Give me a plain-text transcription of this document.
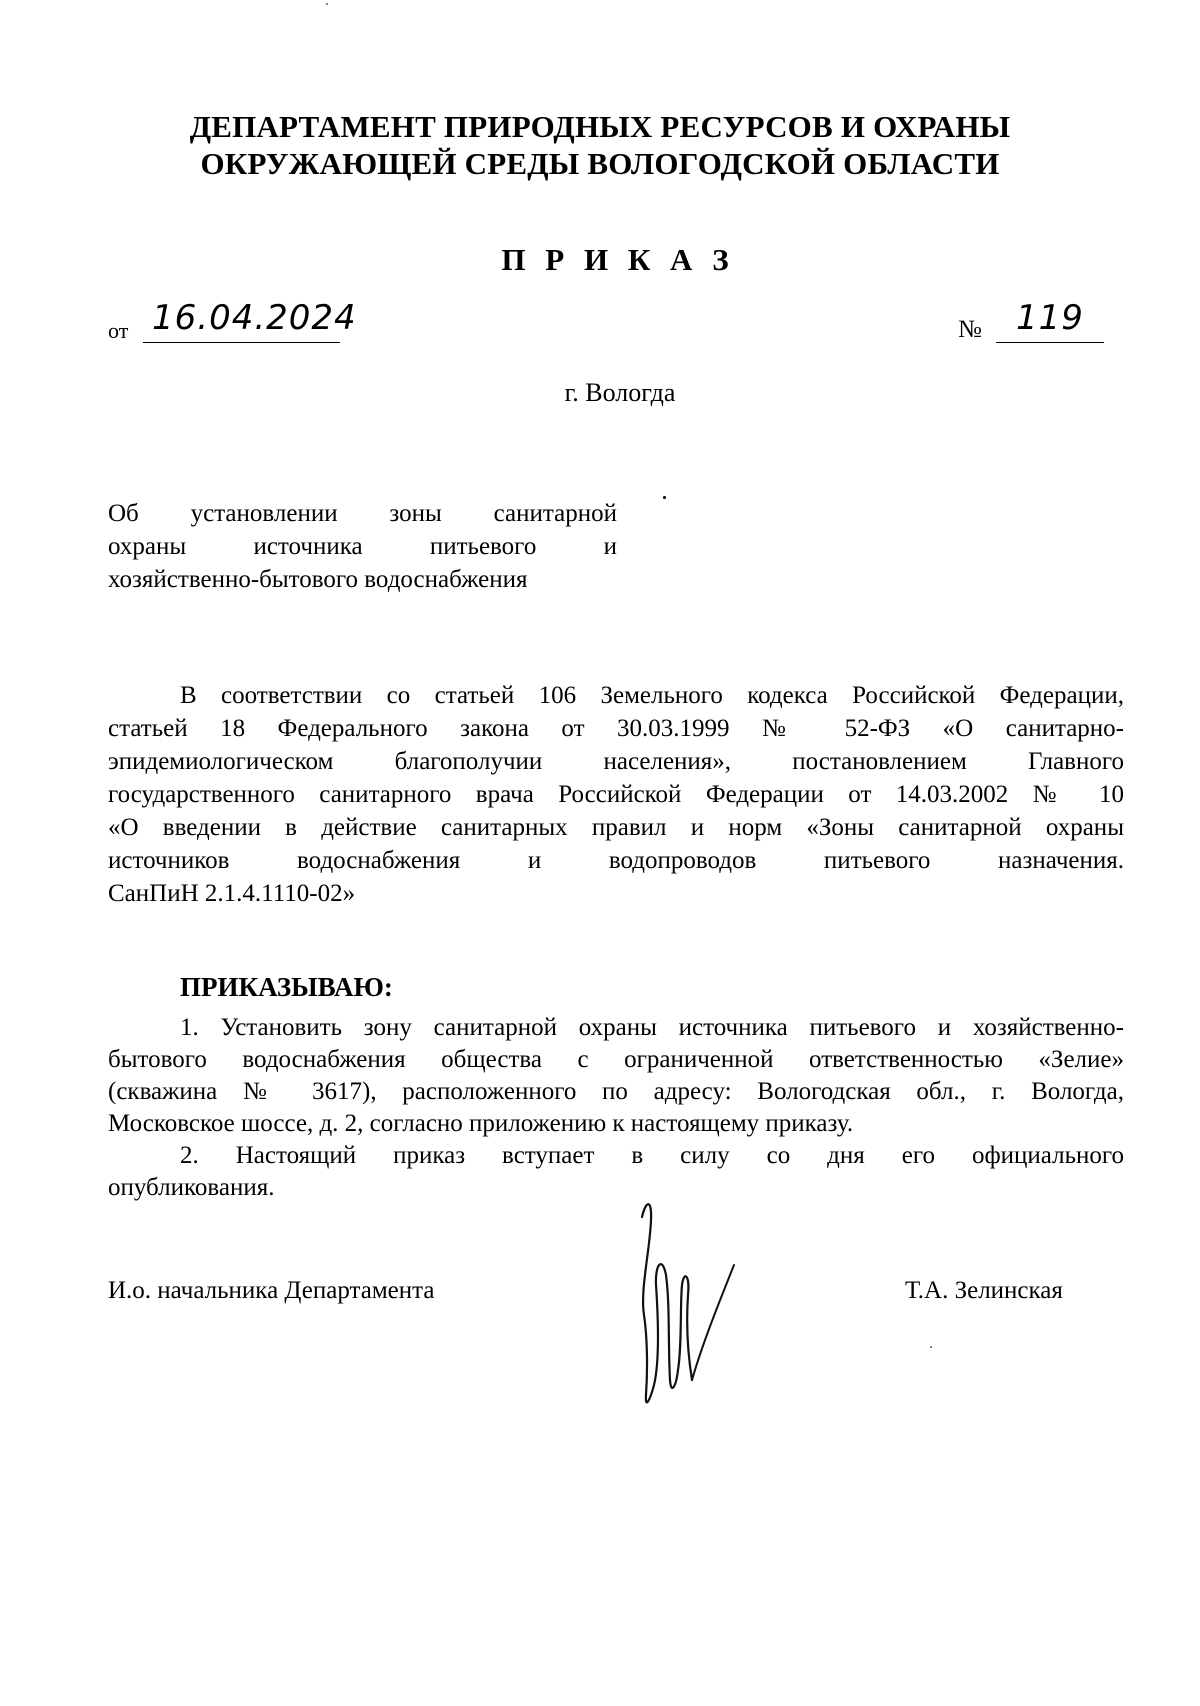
ДЕПАРТАМЕНТ ПРИРОДНЫХ РЕСУРСОВ И ОХРАНЫ
ОКРУЖАЮЩЕЙ СРЕДЫ ВОЛОГОДСКОЙ ОБЛАСТИ
П Р И К А З
от 16.04.2024	№ 119
г. Вологда
Об установлении зоны санитарной
охраны источника питьевого и
хозяйственно-бытового водоснабжения
В соответствии со статьей 106 Земельного кодекса Российской Федерации,
статьей 18 Федерального закона от 30.03.1999 № 52-ФЗ «О санитарно-
эпидемиологическом благополучии населения», постановлением Главного
государственного санитарного врача Российской Федерации от 14.03.2002 № 10
«О введении в действие санитарных правил и норм «Зоны санитарной охраны
источников водоснабжения и водопроводов питьевого назначения.
СанПиН 2.1.4.1110-02»
ПРИКАЗЫВАЮ:
1. Установить зону санитарной охраны источника питьевого и хозяйственно-
бытового водоснабжения общества с ограниченной ответственностью «Зелие»
(скважина № 3617), расположенного по адресу: Вологодская обл., г. Вологда,
Московское шоссе, д. 2, согласно приложению к настоящему приказу.
2. Настоящий приказ вступает в силу со дня его официального
опубликования.
И.о. начальника Департамента	Т.А. Зелинская
